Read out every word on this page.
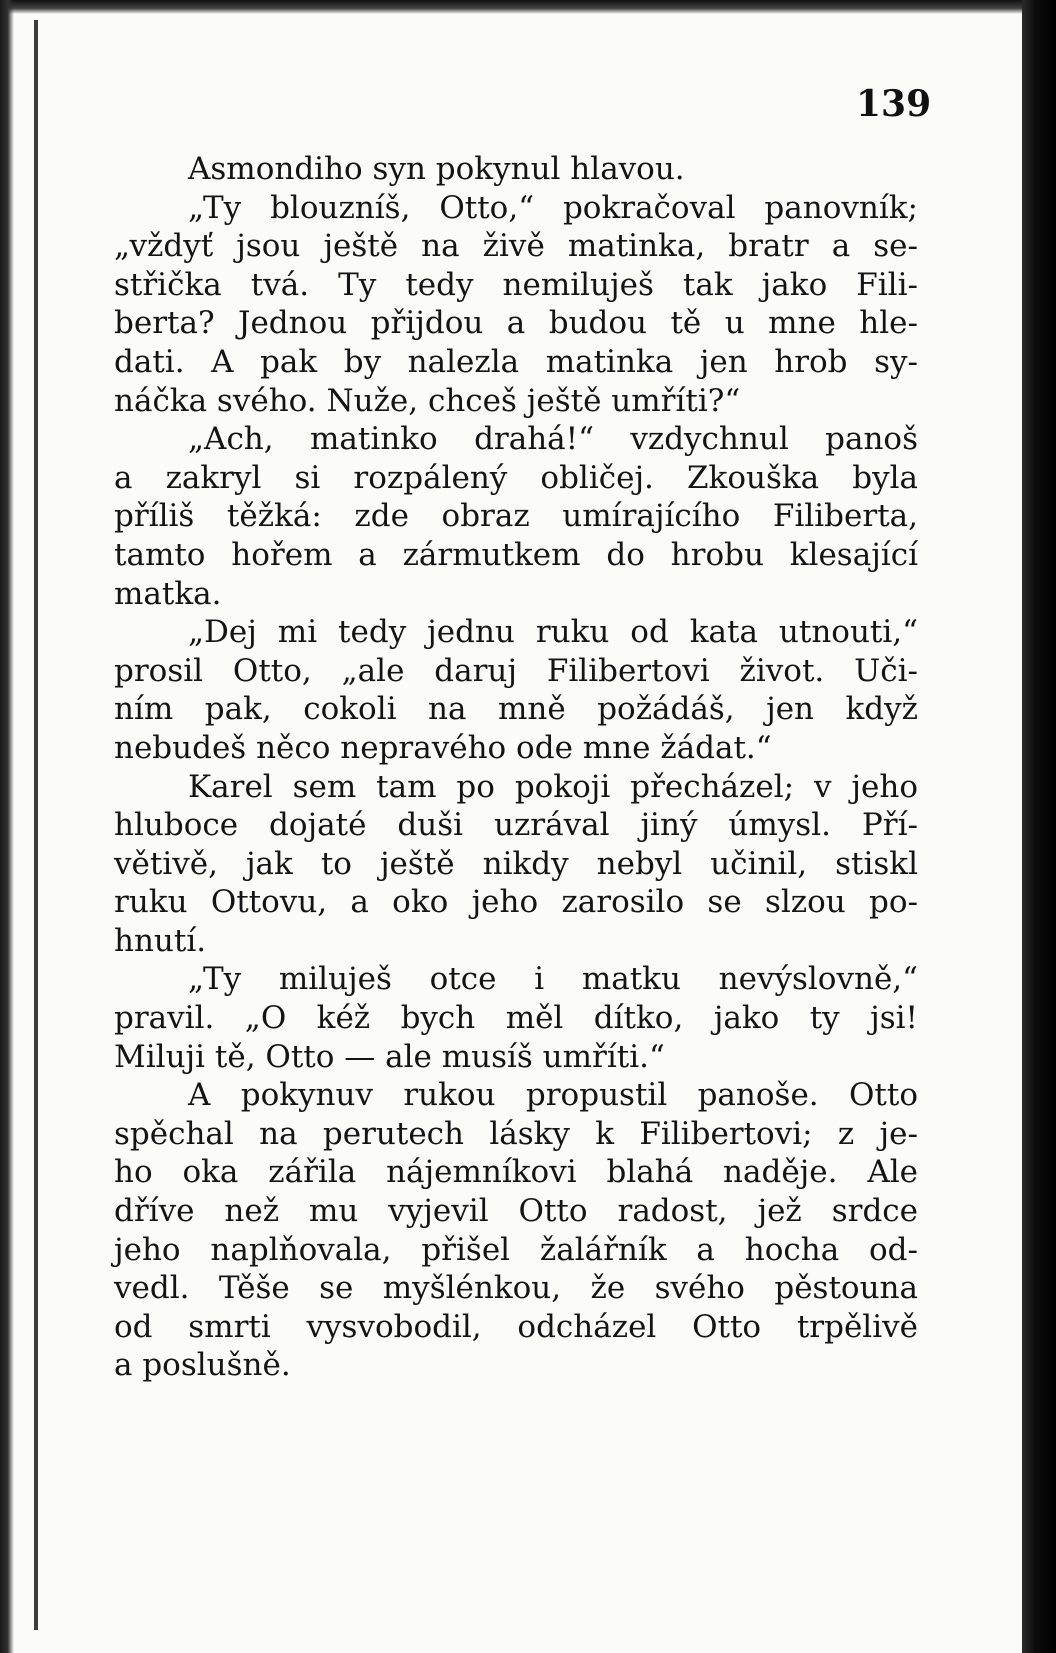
139
Asmondiho syn pokynul hlavou.
„Ty blouzníš, Otto,“ pokračoval panovník;
„vždyť jsou ještě na živě matinka, bratr a se-
střička tvá. Ty tedy nemiluješ tak jako Fili-
berta? Jednou přijdou a budou tě u mne hle-
dati. A pak by nalezla matinka jen hrob sy-
náčka svého. Nuže, chceš ještě umříti?“
„Ach, matinko drahá!“ vzdychnul panoš
a zakryl si rozpálený obličej. Zkouška byla
příliš těžká: zde obraz umírajícího Filiberta,
tamto hořem a zármutkem do hrobu klesající
matka.
„Dej mi tedy jednu ruku od kata utnouti,“
prosil Otto, „ale daruj Filibertovi život. Uči-
ním pak, cokoli na mně požádáš, jen když
nebudeš něco nepravého ode mne žádat.“
Karel sem tam po pokoji přecházel; v jeho
hluboce dojaté duši uzrával jiný úmysl. Pří-
větivě, jak to ještě nikdy nebyl učinil, stiskl
ruku Ottovu, a oko jeho zarosilo se slzou po-
hnutí.
„Ty miluješ otce i matku nevýslovně,“
pravil. „O kéž bych měl dítko, jako ty jsi!
Miluji tě, Otto — ale musíš umříti.“
A pokynuv rukou propustil panoše. Otto
spěchal na perutech lásky k Filibertovi; z je-
ho oka zářila nájemníkovi blahá naděje. Ale
dříve než mu vyjevil Otto radost, jež srdce
jeho naplňovala, přišel žalářník a hocha od-
vedl. Těše se myšlénkou, že svého pěstouna
od smrti vysvobodil, odcházel Otto trpělivě
a poslušně.
